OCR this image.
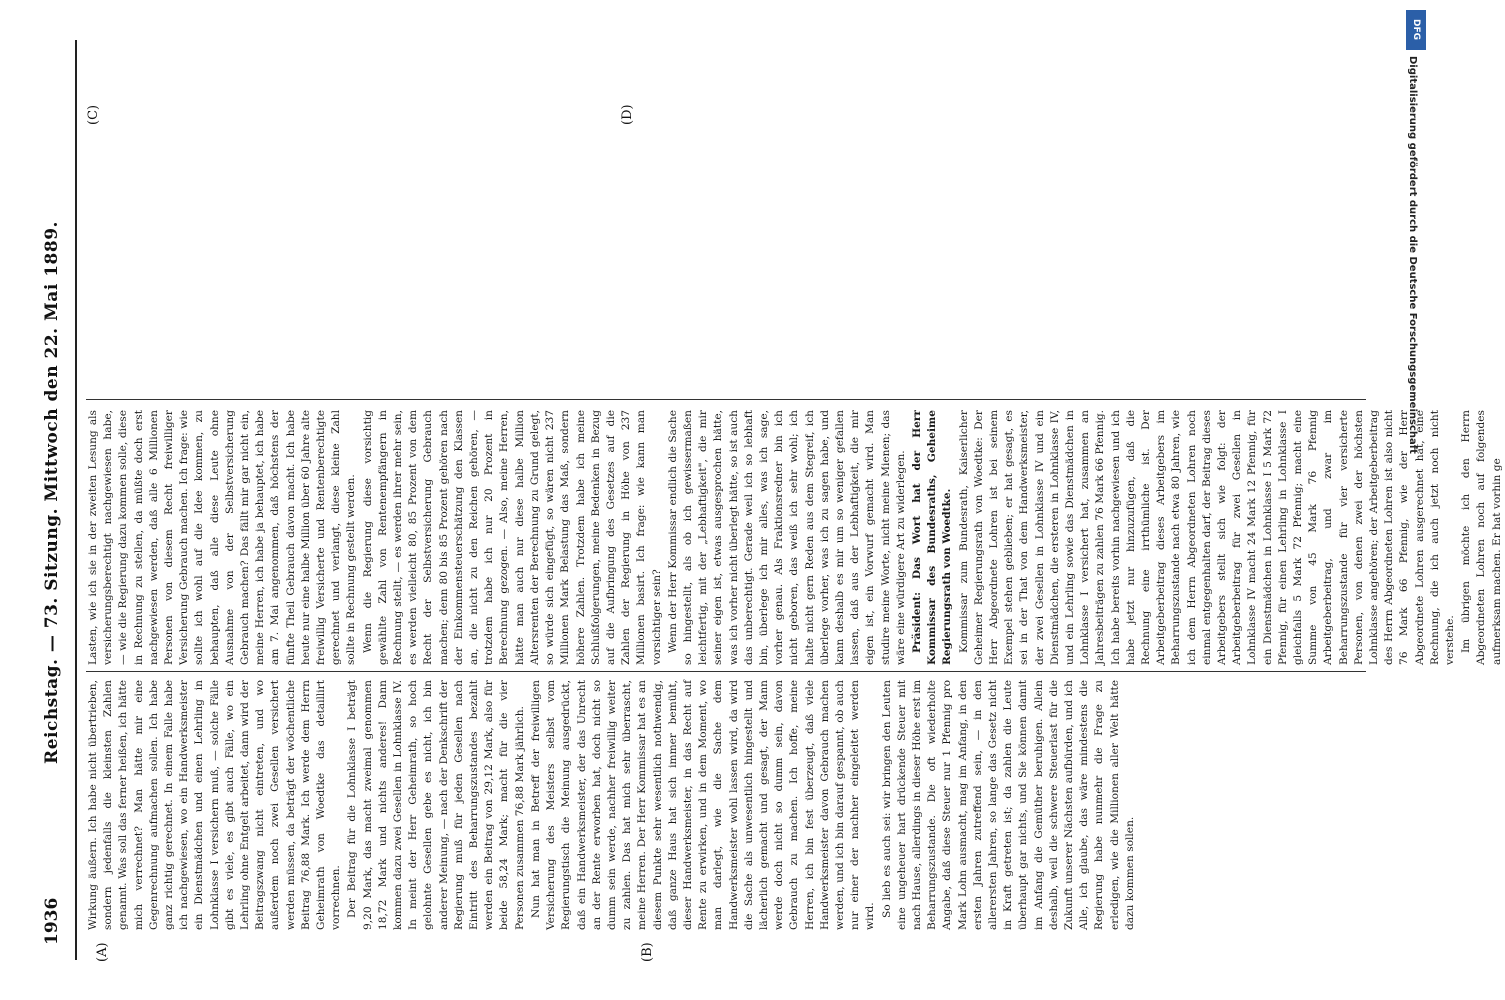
1936
Reichstag. — 73. Sitzung. Mittwoch den 22. Mai 1889.
(A)	(B)

Wirkung äußern. Ich habe nicht übertrieben, sondern jedenfalls die kleinsten Zahlen genannt. Was soll das ferner heißen, ich hätte mich verrechnet? Man hätte mir eine Gegenrechnung aufmachen sollen. Ich habe ganz richtig gerechnet. In einem Falle habe ich nachgewiesen, wo ein Handwerksmeister ein Dienstmädchen und einen Lehrling in Lohnklasse I versichern muß, — solche Fälle gibt es viele, es gibt auch Fälle, wo ein Lehrling ohne Entgelt arbeitet, dann wird der Beitragszwang nicht eintreten, und wo außerdem noch zwei Gesellen versichert werden müssen, da beträgt der wöchentliche Beitrag 76,88 Mark. Ich werde dem Herrn Geheimrath von Woedtke das detaillirt vorrechnen. Der Beitrag für die Lohnklasse I beträgt 9,20 Mark, das macht zweimal genommen 18,72 Mark und nichts anderes! Dann kommen dazu zwei Gesellen in Lohnklasse IV. In meint der Herr Geheimrath, so hoch gelohnte Gesellen gebe es nicht, ich bin anderer Meinung, — nach der Denkschrift der Regierung muß für jeden Gesellen nach Eintritt des Beharrungszustandes bezahlt werden ein Beitrag von 29,12 Mark, also für beide 58,24 Mark; macht für die vier Personen zusammen 76,88 Mark jährlich. Nun hat man in Betreff der freiwilligen Versicherung des Meisters selbst vom Regierungstisch die Meinung ausgedrückt, daß ein Handwerksmeister, der das Unrecht an der Rente erworben hat, doch nicht so dumm sein werde, nachher freiwillig weiter zu zahlen. Das hat mich sehr überrascht, meine Herren. Der Herr Kommissar hat es an diesem Punkte sehr wesentlich nothwendig, daß ganze Haus hat sich immer bemüht, dieser Handwerksmeister, in das Recht auf Rente zu erwirken, und in dem Moment, wo man darlegt, wie die Sache dem Handwerksmeister wohl lassen wird, da wird die Sache als unwesentlich hingestellt und lächerlich gemacht und gesagt, der Mann werde doch nicht so dumm sein, davon Gebrauch zu machen. Ich hoffe, meine Herren, ich bin fest überzeugt, daß viele Handwerksmeister davon Gebrauch machen werden, und ich bin darauf gespannt, ob auch nur einer der nachher eingeleitet werden wird. So lieb es auch sei: wir bringen den Leuten eine ungeheuer hart drückende Steuer mit nach Hause, allerdings in dieser Höhe erst im Beharrungszustande. Die oft wiederholte Angabe, daß diese Steuer nur 1 Pfennig pro Mark Lohn ausmacht, mag im Anfang, in den ersten Jahren zutreffend sein, — in den allerersten Jahren, so lange das Gesetz nicht in Kraft getreten ist; da zahlen die Leute überhaupt gar nichts, und Sie können damit im Anfang die Gemüther beruhigen. Allein deshalb, weil die schwere Steuerlast für die Zukunft unserer Nächsten aufbürden, und ich Alle, ich glaube, das wäre mindestens die Regierung habe nunmehr die Frage zu erledigen, wie die Millionen aller Welt hätte dazu kommen sollen.

Lasten, wie ich sie in der zweiten Lesung als versicherungsberechtigt nachgewiesen habe, — wie die Regierung dazu kommen solle, diese in Rechnung zu stellen, da müßte doch erst nachgewiesen werden, daß alle 6 Millionen Personen von diesem Recht freiwilliger Versicherung Gebrauch machen. Ich frage: wie sollte ich wohl auf die Idee kommen, zu behaupten, daß alle diese Leute ohne Ausnahme von der Selbstversicherung Gebrauch machen? Das fällt mir gar nicht ein, meine Herren, ich habe ja behauptet, ich habe am 7. Mai angenommen, daß höchstens der fünfte Theil Gebrauch davon macht. Ich habe heute nur eine halbe Million über 60 Jahre alte freiwillig Versicherte und Rentenberechtigte gerechnet und verlangt, diese kleine Zahl sollte in Rechnung gestellt werden. Wenn die Regierung diese vorsichtig gewählte Zahl von Rentenempfängern in Rechnung stellt, — es werden ihrer mehr sein, es werden vielleicht 80, 85 Prozent von dem Recht der Selbstversicherung Gebrauch machen; denn 80 bis 85 Prozent gehören nach der Einkommensteuerschätzung den Klassen an, die nicht zu den Reichen gehören, — trotzdem habe ich nur 20 Prozent in Berechnung gezogen. — Also, meine Herren, hätte man auch nur diese halbe Million Altersrenten der Berechnung zu Grund gelegt, so würde sich eingefügt, so wären nicht 237 Millionen Mark Belastung das Maß, sondern höhere Zahlen. Trotzdem habe ich meine Schlußfolgerungen, meine Bedenken in Bezug auf die Aufbringung des Gesetzes auf die Zahlen der Regierung in Höhe von 237 Millionen basirt. Ich frage: wie kann man vorsichtiger sein? Wenn der Herr Kommissar endlich die Sache so hingestellt, als ob ich gewissermaßen leichtfertig, mit der „Lebhaftigkeit", die mir seiner eigen ist, etwas ausgesprochen hätte, was ich vorher nicht überlegt hätte, so ist auch das unberechtigt. Gerade weil ich so lebhaft bin, überlege ich mir alles, was ich sage, vorher genau. Als Fraktionsredner bin ich nicht geboren, das weiß ich sehr wohl; ich halte nicht gern Reden aus dem Stegreif, ich überlege vorher, was ich zu sagen habe, und kann deshalb es mir um so weniger gefallen lassen, daß aus der Lebhaftigkeit, die mir eigen ist, ein Vorwurf gemacht wird. Man studire meine Worte, nicht meine Mienen; das wäre eine würdigere Art zu widerlegen. Präsident: Das Wort hat der Herr Kommissar des Bundesraths, Geheime Regierungsrath von Woedtke. Kommissar zum Bundesrath, Kaiserlicher Geheimer Regierungsrath von Woedtke: Der Herr Abgeordnete Lohren ist bei seinem Exempel stehen geblieben; er hat gesagt, es sei in der That von dem Handwerksmeister, der zwei Gesellen in Lohnklasse IV und ein Dienstmädchen, die ersteren in Lohnklasse IV, und ein Lehrling sowie das Dienstmädchen in Lohnklasse I versichert hat, zusammen an Jahresbeiträgen zu zahlen 76 Mark 66 Pfennig. Ich habe bereits vorhin nachgewiesen und ich habe jetzt nur hinzuzufügen, daß die Rechnung eine irrthümliche ist. Der Arbeitgeberbeitrag dieses Arbeitgebers im Beharrungszustande nach etwa 80 Jahren, wie ich dem Herrn Abgeordneten Lohren noch einmal entgegenhalten darf, der Beitrag dieses Arbeitgebers stellt sich wie folgt: der Arbeitgeberbeitrag für zwei Gesellen in Lohnklasse IV macht 24 Mark 12 Pfennig, für ein Dienstmädchen in Lohnklasse I 5 Mark 72 Pfennig, für einen Lehrling in Lohnklasse I gleichfalls 5 Mark 72 Pfennig; macht eine Summe von 45 Mark 76 Pfennig Arbeitgeberbeitrag, und zwar im Beharrungszustande für vier versicherte Personen, von denen zwei der höchsten Lohnklasse angehören; der Arbeitgeberbeitrag des Herrn Abgeordneten Lohren ist also nicht 76 Mark 66 Pfennig, wie der Herr Abgeordnete Lohren ausgerechnet hat, eine Rechnung, die ich auch jetzt noch nicht verstehe. Im übrigen möchte ich den Herrn Abgeordneten Lohren noch auf folgendes aufmerksam machen. Er hat vorhin ge

(C)	(D)
DFG
Digitalisierung gefördert durch die Deutsche Forschungsgemeinschaft
